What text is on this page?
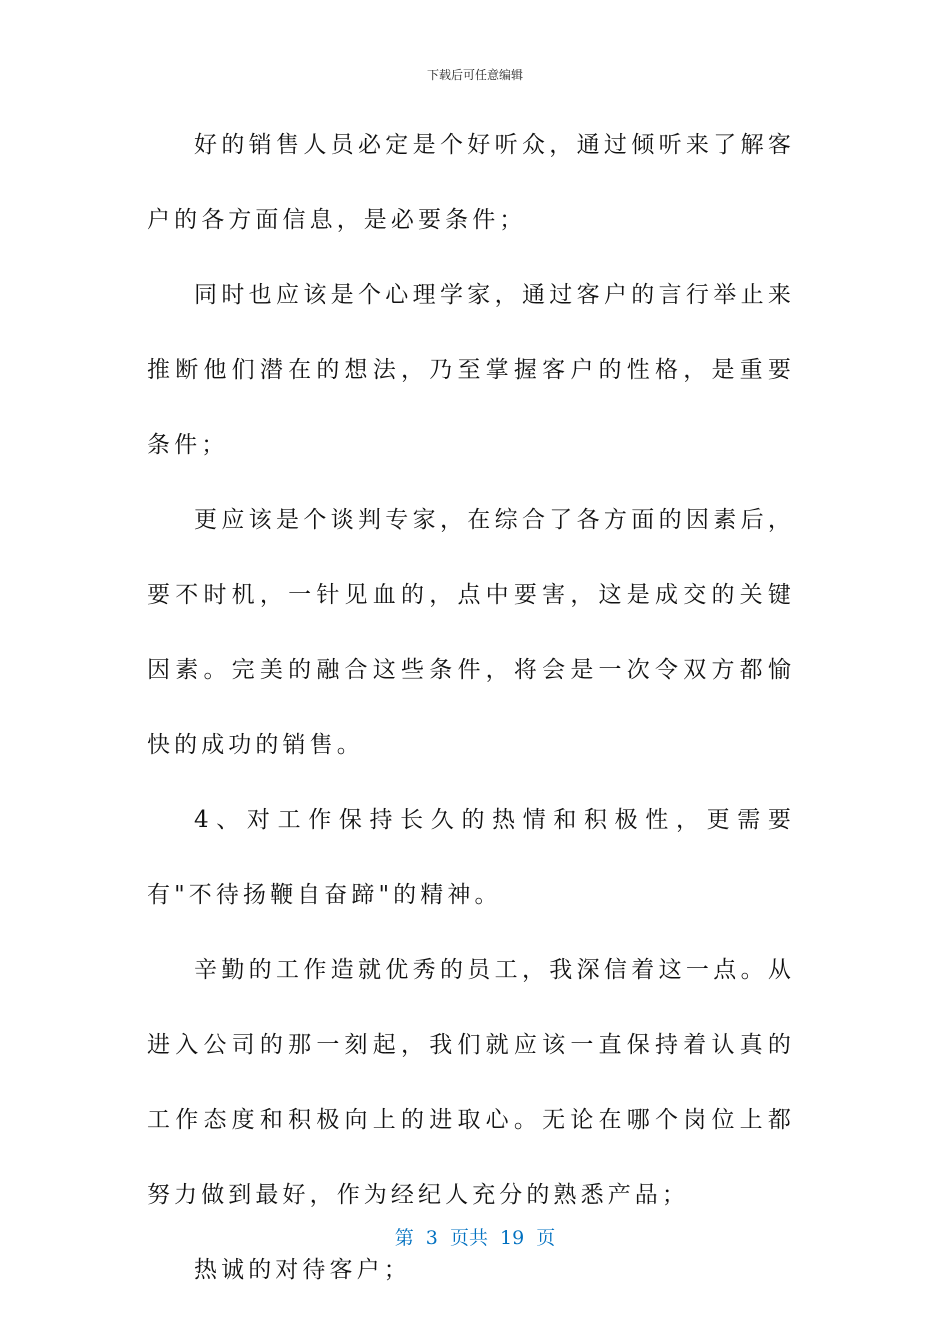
下载后可任意编辑

好的销售人员必定是个好听众，通过倾听来了解客户的各方面信息，是必要条件；

同时也应该是个心理学家，通过客户的言行举止来推断他们潜在的想法，乃至掌握客户的性格，是重要条件；

更应该是个谈判专家，在综合了各方面的因素后，要不时机，一针见血的，点中要害，这是成交的关键因素。完美的融合这些条件，将会是一次令双方都愉快的成功的销售。

4、对工作保持长久的热情和积极性，更需要有"不待扬鞭自奋蹄"的精神。

辛勤的工作造就优秀的员工，我深信着这一点。从进入公司的那一刻起，我们就应该一直保持着认真的工作态度和积极向上的进取心。无论在哪个岗位上都努力做到最好，作为经纪人充分的熟悉产品；

热诚的对待客户；

第  3  页共  19  页
